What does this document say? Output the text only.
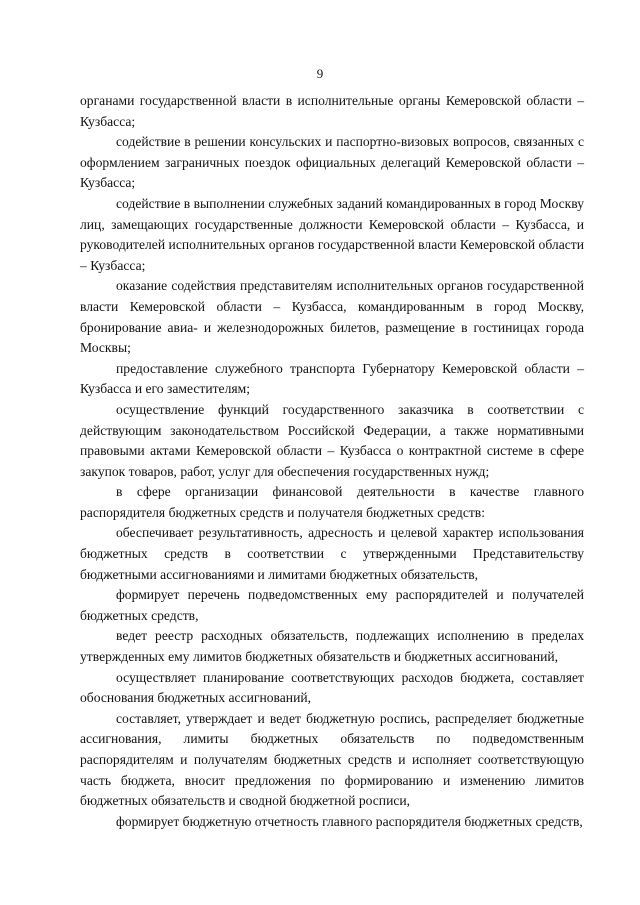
9

органами государственной власти в исполнительные органы Кемеровской области – Кузбасса;

содействие в решении консульских и паспортно-визовых вопросов, связанных с оформлением заграничных поездок официальных делегаций Кемеровской области – Кузбасса;

содействие в выполнении служебных заданий командированных в город Москву лиц, замещающих государственные должности Кемеровской области – Кузбасса, и руководителей исполнительных органов государственной власти Кемеровской области – Кузбасса;

оказание содействия представителям исполнительных органов государственной власти Кемеровской области – Кузбасса, командированным в город Москву, бронирование авиа- и железнодорожных билетов, размещение в гостиницах города Москвы;

предоставление служебного транспорта Губернатору Кемеровской области – Кузбасса и его заместителям;

осуществление функций государственного заказчика в соответствии с действующим законодательством Российской Федерации, а также нормативными правовыми актами Кемеровской области – Кузбасса о контрактной системе в сфере закупок товаров, работ, услуг для обеспечения государственных нужд;

в сфере организации финансовой деятельности в качестве главного распорядителя бюджетных средств и получателя бюджетных средств:

обеспечивает результативность, адресность и целевой характер использования бюджетных средств в соответствии с утвержденными Представительству бюджетными ассигнованиями и лимитами бюджетных обязательств,

формирует перечень подведомственных ему распорядителей и получателей бюджетных средств,

ведет реестр расходных обязательств, подлежащих исполнению в пределах утвержденных ему лимитов бюджетных обязательств и бюджетных ассигнований,

осуществляет планирование соответствующих расходов бюджета, составляет обоснования бюджетных ассигнований,

составляет, утверждает и ведет бюджетную роспись, распределяет бюджетные ассигнования, лимиты бюджетных обязательств по подведомственным распорядителям и получателям бюджетных средств и исполняет соответствующую часть бюджета, вносит предложения по формированию и изменению лимитов бюджетных обязательств и сводной бюджетной росписи,

формирует бюджетную отчетность главного распорядителя бюджетных средств,
